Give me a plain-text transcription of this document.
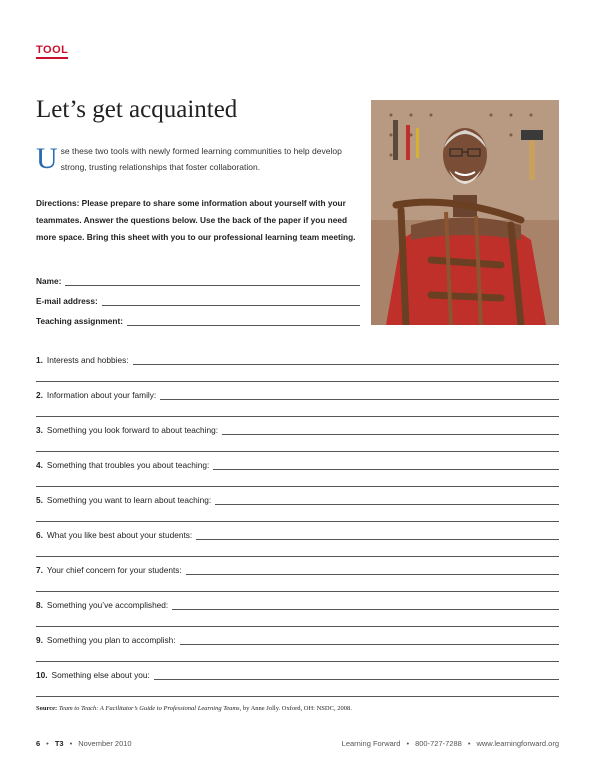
TOOL
Let’s get acquainted
U se these two tools with newly formed learning communities to help develop strong, trusting relationships that foster collaboration.
Directions: Please prepare to share some information about yourself with your teammates. Answer the questions below. Use the back of the paper if you need more space. Bring this sheet with you to our professional learning team meeting.
Name:
E-mail address:
Teaching assignment:
1. Interests and hobbies:
2. Information about your family:
3. Something you look forward to about teaching:
4. Something that troubles you about teaching:
5. Something you want to learn about teaching:
6. What you like best about your students:
7. Your chief concern for your students:
8. Something you’ve accomplished:
9. Something you plan to accomplish:
10. Something else about you:
Source: Team to Teach: A Facilitator’s Guide to Professional Learning Teams, by Anne Jolly. Oxford, OH: NSDC, 2008.
6 • T3 • November 2010	Learning Forward • 800-727-7288 • www.learningforward.org
